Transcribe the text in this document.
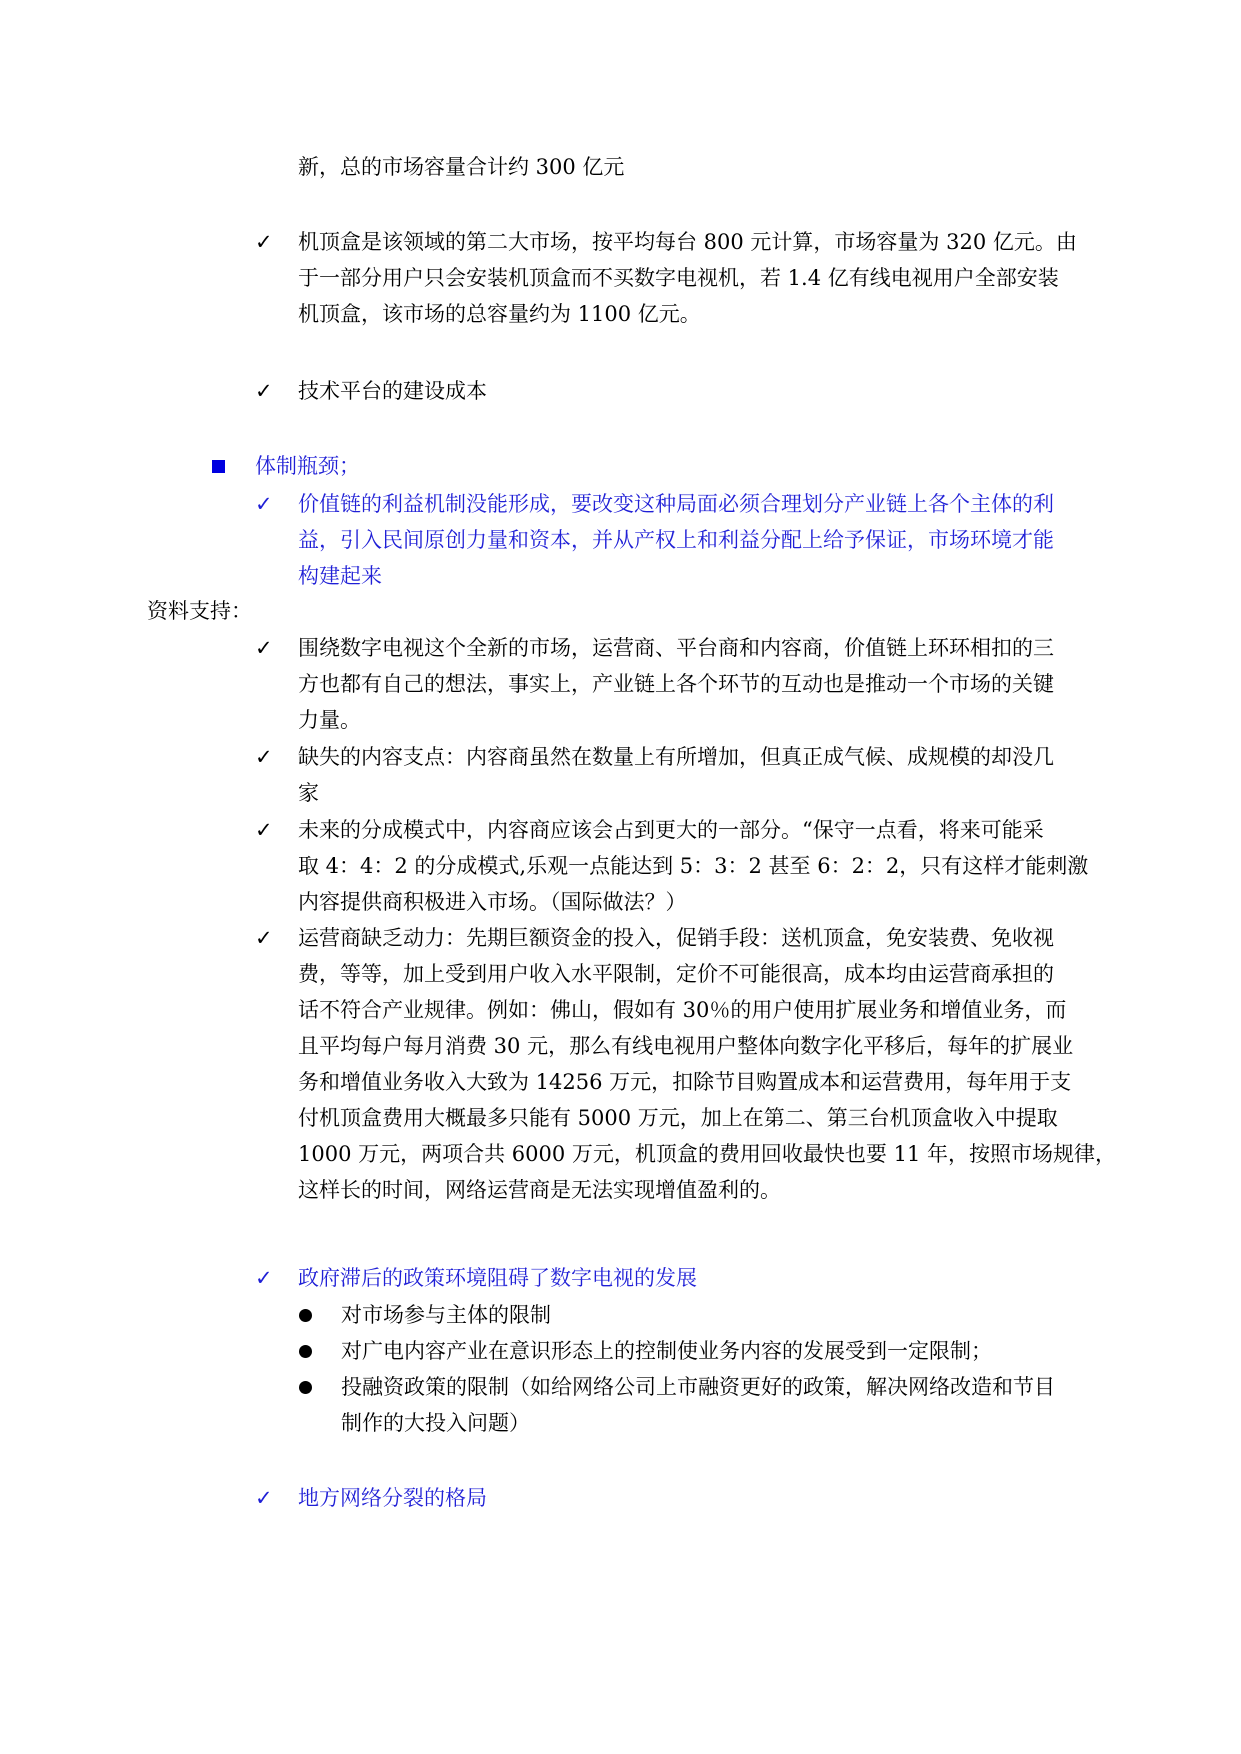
新，总的市场容量合计约 300 亿元
✓ 机顶盒是该领域的第二大市场，按平均每台 800 元计算，市场容量为 320 亿元。由
于一部分用户只会安装机顶盒而不买数字电视机，若 1.4 亿有线电视用户全部安装
机顶盒，该市场的总容量约为 1100 亿元。
✓ 技术平台的建设成本
体制瓶颈；
✓ 价值链的利益机制没能形成，要改变这种局面必须合理划分产业链上各个主体的利
益，引入民间原创力量和资本，并从产权上和利益分配上给予保证，市场环境才能
构建起来
资料支持：
✓ 围绕数字电视这个全新的市场，运营商、平台商和内容商，价值链上环环相扣的三
方也都有自己的想法，事实上，产业链上各个环节的互动也是推动一个市场的关键
力量。
✓ 缺失的内容支点：内容商虽然在数量上有所增加，但真正成气候、成规模的却没几
家
✓ 未来的分成模式中，内容商应该会占到更大的一部分。“保守一点看，将来可能采
取 4：4：2 的分成模式,乐观一点能达到 5：3：2 甚至 6：2：2，只有这样才能刺激
内容提供商积极进入市场。（国际做法？）
✓ 运营商缺乏动力：先期巨额资金的投入，促销手段：送机顶盒，免安装费、免收视
费，等等，加上受到用户收入水平限制，定价不可能很高，成本均由运营商承担的
话不符合产业规律。例如：佛山，假如有 30％的用户使用扩展业务和增值业务，而
且平均每户每月消费 30 元，那么有线电视用户整体向数字化平移后，每年的扩展业
务和增值业务收入大致为 14256 万元，扣除节目购置成本和运营费用，每年用于支
付机顶盒费用大概最多只能有 5000 万元，加上在第二、第三台机顶盒收入中提取
1000 万元，两项合共 6000 万元，机顶盒的费用回收最快也要 11 年，按照市场规律，
这样长的时间，网络运营商是无法实现增值盈利的。
✓ 政府滞后的政策环境阻碍了数字电视的发展
对市场参与主体的限制
对广电内容产业在意识形态上的控制使业务内容的发展受到一定限制；
投融资政策的限制（如给网络公司上市融资更好的政策，解决网络改造和节目
制作的大投入问题）
✓ 地方网络分裂的格局
